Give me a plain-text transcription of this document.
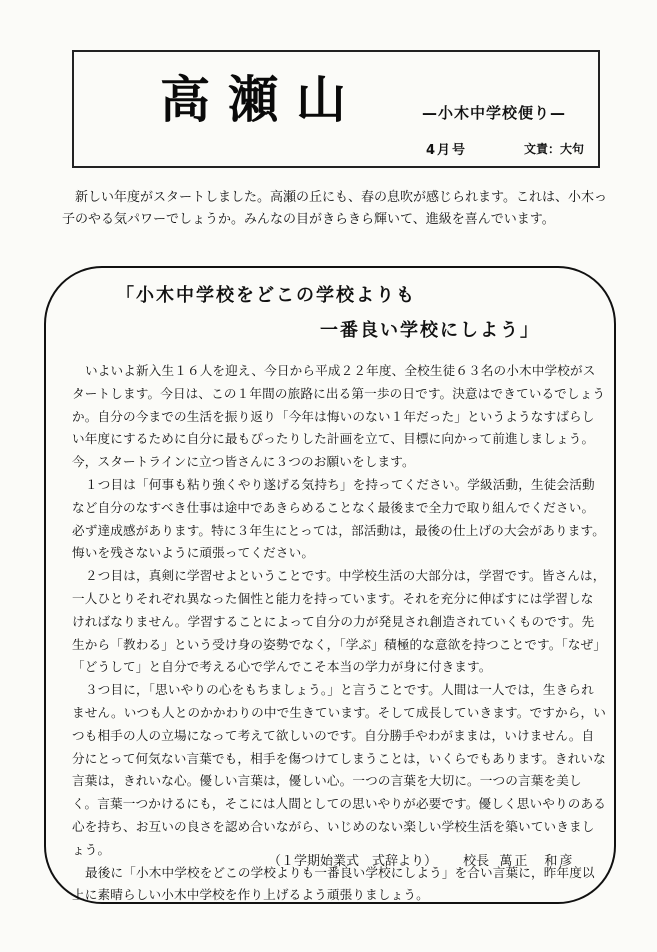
高瀬山	—小木中学校便り—
4月号	文責：大句

新しい年度がスタートしました。高瀬の丘にも、春の息吹が感じられます。これは、小木っ子のやる気パワーでしょうか。みんなの目がきらきら輝いて、進級を喜んでいます。

「小木中学校をどこの学校よりも
一番良い学校にしよう」

いよいよ新入生１６人を迎え、今日から平成２２年度、全校生徒６３名の小木中学校がスタートします。今日は、この１年間の旅路に出る第一歩の日です。決意はできているでしょうか。自分の今までの生活を振り返り「今年は悔いのない１年だった」というようなすばらしい年度にするために自分に最もぴったりした計画を立て、目標に向かって前進しましょう。今，スタートラインに立つ皆さんに３つのお願いをします。

１つ目は「何事も粘り強くやり遂げる気持ち」を持ってください。学級活動，生徒会活動など自分のなすべき仕事は途中であきらめることなく最後まで全力で取り組んでください。必ず達成感があります。特に３年生にとっては，部活動は，最後の仕上げの大会があります。悔いを残さないように頑張ってください。

２つ目は，真剣に学習せよということです。中学校生活の大部分は，学習です。皆さんは，一人ひとりそれぞれ異なった個性と能力を持っています。それを充分に伸ばすには学習しなければなりません。学習することによって自分の力が発見され創造されていくものです。先生から「教わる」という受け身の姿勢でなく，「学ぶ」積極的な意欲を持つことです。「なぜ」「どうして」と自分で考える心で学んでこそ本当の学力が身に付きます。

３つ目に，「思いやりの心をもちましょう。」と言うことです。人間は一人では，生きられません。いつも人とのかかわりの中で生きています。そして成長していきます。ですから，いつも相手の人の立場になって考えて欲しいのです。自分勝手やわがままは，いけません。自分にとって何気ない言葉でも，相手を傷つけてしまうことは，いくらでもあります。きれいな言葉は，きれいな心。優しい言葉は，優しい心。一つの言葉を大切に。一つの言葉を美しく。言葉一つかけるにも，そこには人間としての思いやりが必要です。優しく思いやりのある心を持ち、お互いの良さを認め合いながら、いじめのない楽しい学校生活を築いていきましょう。

最後に「小木中学校をどこの学校よりも一番良い学校にしよう」を合い言葉に，昨年度以上に素晴らしい小木中学校を作り上げるよう頑張りましょう。

（１学期始業式　式辞より） 校長 萬正　和彦
